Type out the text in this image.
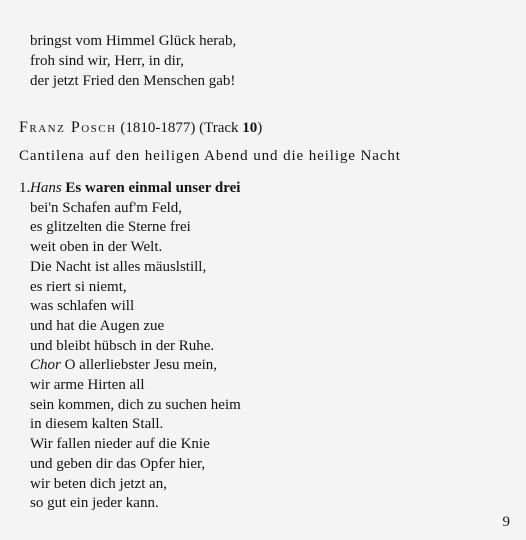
bringst vom Himmel Glück herab,
froh sind wir, Herr, in dir,
der jetzt Fried den Menschen gab!
Franz Posch (1810-1877) (Track 10)
Cantilena auf den heiligen Abend und die heilige Nacht
1.Hans Es waren einmal unser drei
bei'n Schafen auf'm Feld,
es glitzelten die Sterne frei
weit oben in der Welt.
Die Nacht ist alles mäuslstill,
es riert si niemt,
was schlafen will
und hat die Augen zue
und bleibt hübsch in der Ruhe.
Chor O allerliebster Jesu mein,
wir arme Hirten all
sein kommen, dich zu suchen heim
in diesem kalten Stall.
Wir fallen nieder auf die Knie
und geben dir das Opfer hier,
wir beten dich jetzt an,
so gut ein jeder kann.
9
